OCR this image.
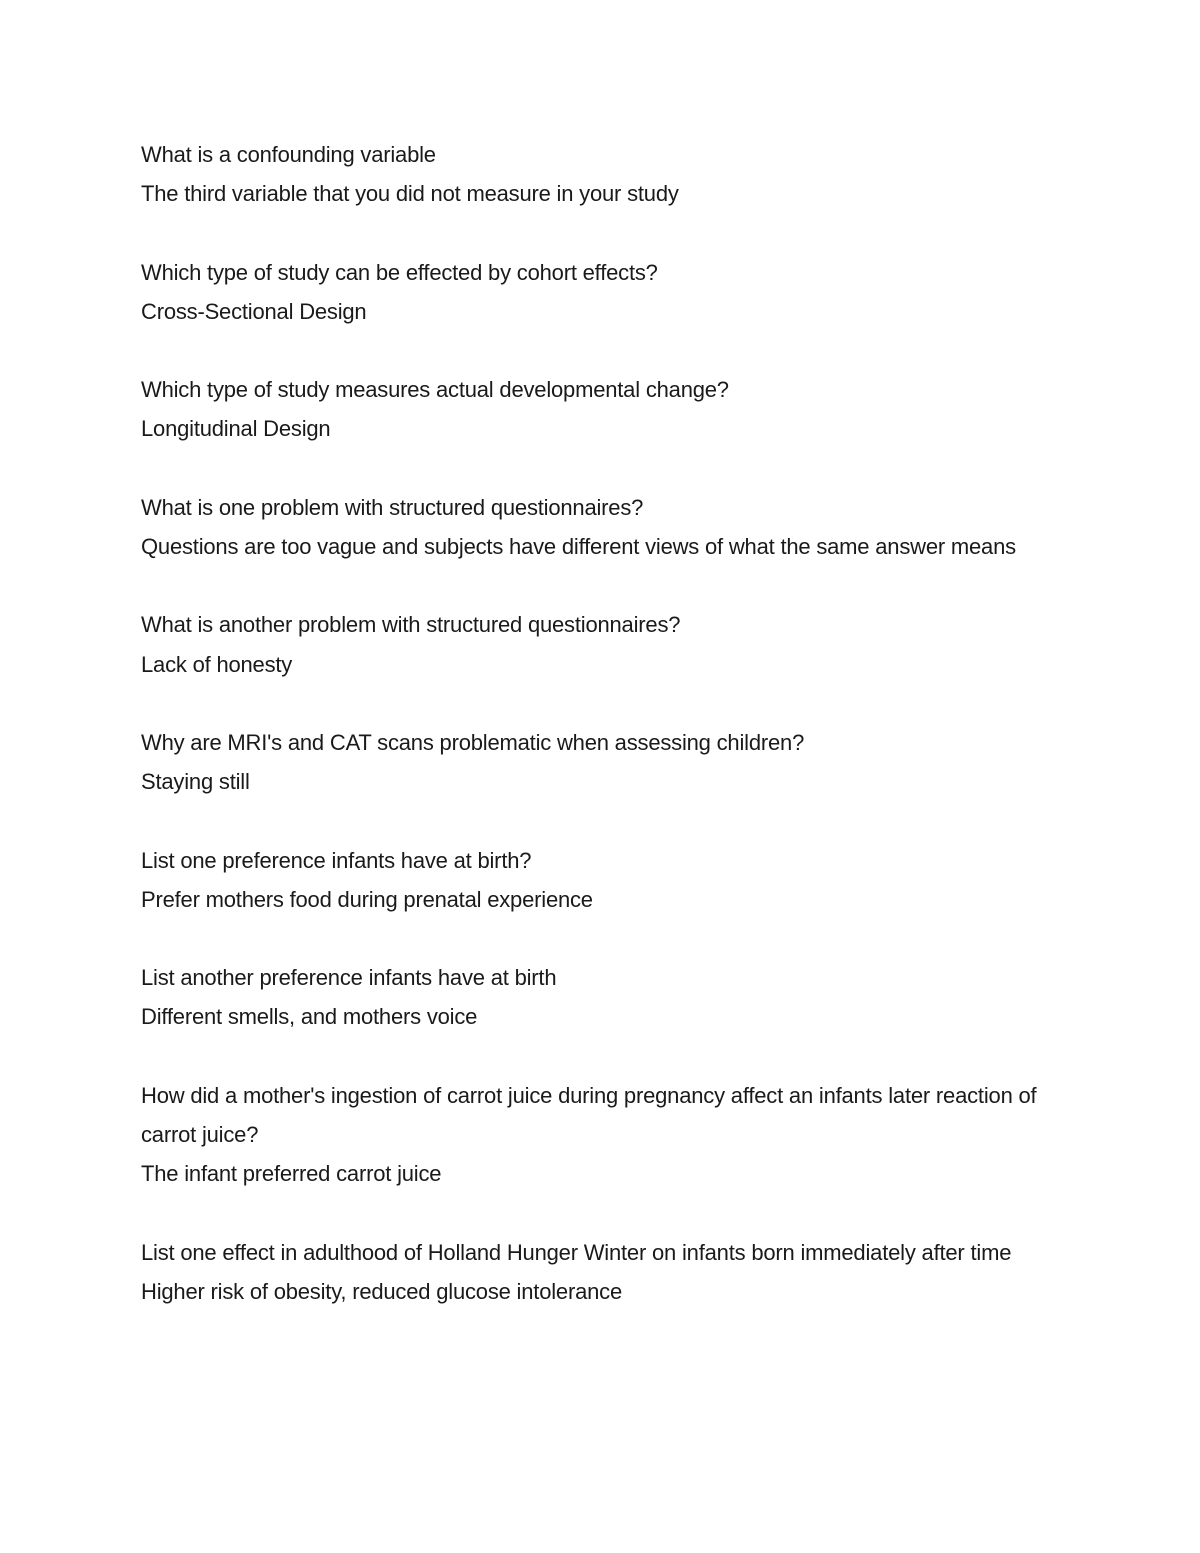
What is a confounding variable

The third variable that you did not measure in your study

Which type of study can be effected by cohort effects?

Cross-Sectional Design

Which type of study measures actual developmental change?

Longitudinal Design

What is one problem with structured questionnaires?

Questions are too vague and subjects have different views of what the same answer means

What is another problem with structured questionnaires?

Lack of honesty

Why are MRI's and CAT scans problematic when assessing children?

Staying still

List one preference infants have at birth?

Prefer mothers food during prenatal experience

List another preference infants have at birth

Different smells, and mothers voice

How did a mother's ingestion of carrot juice during pregnancy affect an infants later reaction of carrot juice?

The infant preferred carrot juice

List one effect in adulthood of Holland Hunger Winter on infants born immediately after time

Higher risk of obesity, reduced glucose intolerance
